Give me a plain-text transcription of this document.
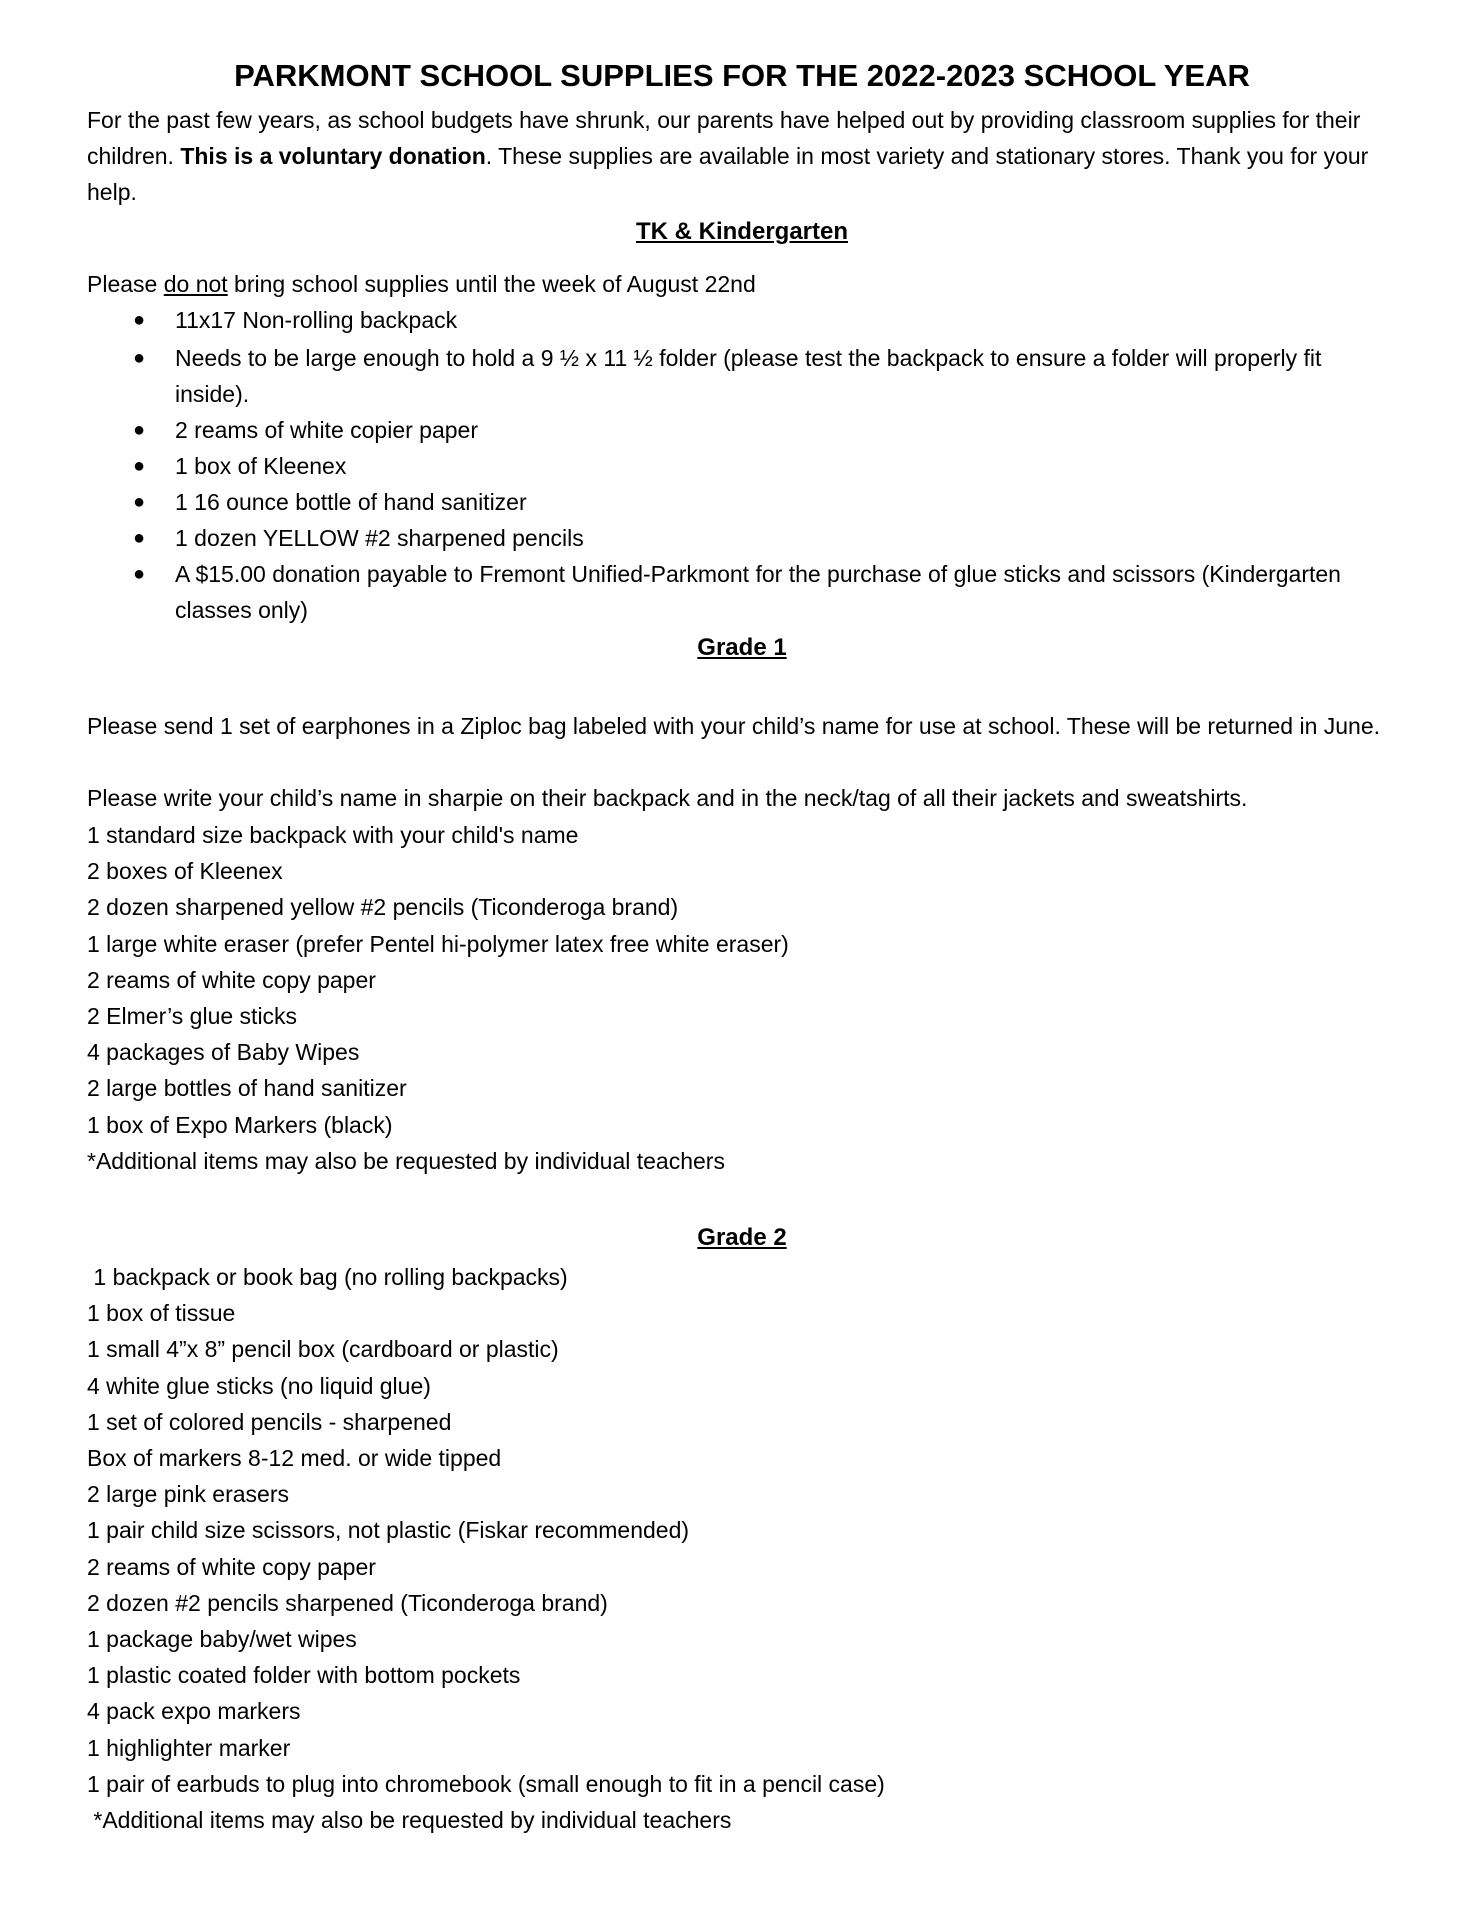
PARKMONT SCHOOL SUPPLIES FOR THE 2022-2023 SCHOOL YEAR

For the past few years, as school budgets have shrunk, our parents have helped out by providing classroom supplies for their children. This is a voluntary donation. These supplies are available in most variety and stationary stores. Thank you for your help.

TK & Kindergarten

Please do not bring school supplies until the week of August 22nd

● 11x17 Non-rolling backpack
● Needs to be large enough to hold a 9 ½ x 11 ½ folder (please test the backpack to ensure a folder will properly fit inside).
● 2 reams of white copier paper
● 1 box of Kleenex
● 1 16 ounce bottle of hand sanitizer
● 1 dozen YELLOW #2 sharpened pencils
● A $15.00 donation payable to Fremont Unified-Parkmont for the purchase of glue sticks and scissors (Kindergarten classes only)
Grade 1

Please send 1 set of earphones in a Ziploc bag labeled with your child’s name for use at school. These will be returned in June.

Please write your child’s name in sharpie on their backpack and in the neck/tag of all their jackets and sweatshirts.

1 standard size backpack with your child's name
2 boxes of Kleenex
2 dozen sharpened yellow #2 pencils (Ticonderoga brand)
1 large white eraser (prefer Pentel hi-polymer latex free white eraser)
2 reams of white copy paper
2 Elmer’s glue sticks
4 packages of Baby Wipes
2 large bottles of hand sanitizer
1 box of Expo Markers (black)
*Additional items may also be requested by individual teachers
Grade 2
1 backpack or book bag (no rolling backpacks)
1 box of tissue
1 small 4”x 8” pencil box (cardboard or plastic)
4 white glue sticks (no liquid glue)
1 set of colored pencils - sharpened
Box of markers 8-12 med. or wide tipped
2 large pink erasers
1 pair child size scissors, not plastic (Fiskar recommended)
2 reams of white copy paper
2 dozen #2 pencils sharpened (Ticonderoga brand)
1 package baby/wet wipes
1 plastic coated folder with bottom pockets
4 pack expo markers
1 highlighter marker
1 pair of earbuds to plug into chromebook (small enough to fit in a pencil case)
*Additional items may also be requested by individual teachers
